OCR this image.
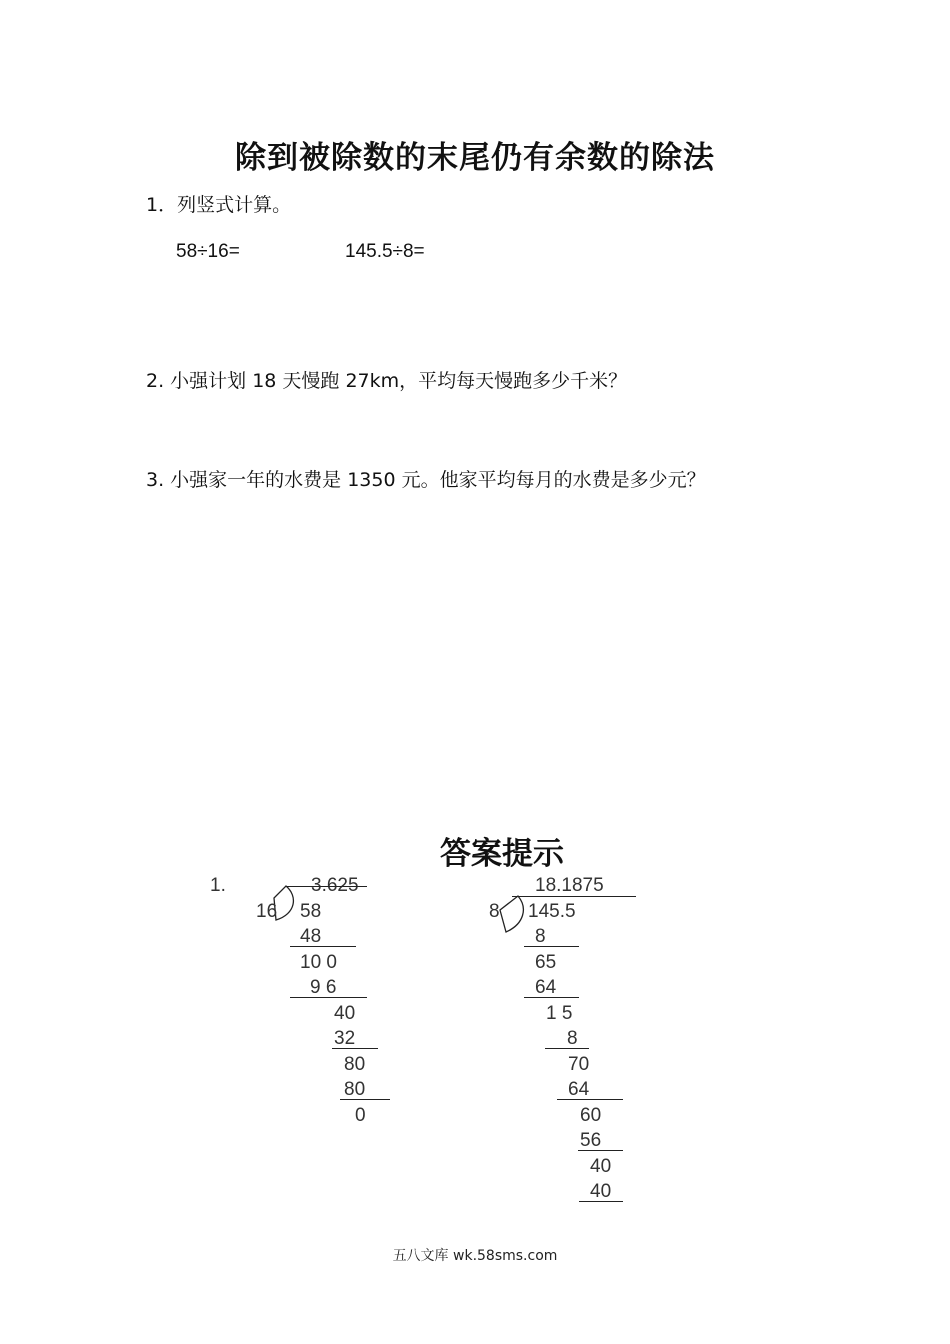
除到被除数的末尾仍有余数的除法
1．列竖式计算。
58÷16=	145.5÷8=
2. 小强计划 18 天慢跑 27km，平均每天慢跑多少千米？
3. 小强家一年的水费是 1350 元。他家平均每月的水费是多少元？
答案提示
1.	3.625
16 58
48
10 0
9 6
40
32
80
80
0
18.1875
8 145.5
8
65
64
1 5
8
70
64
60
56
40
40
五八文库 wk.58sms.com
